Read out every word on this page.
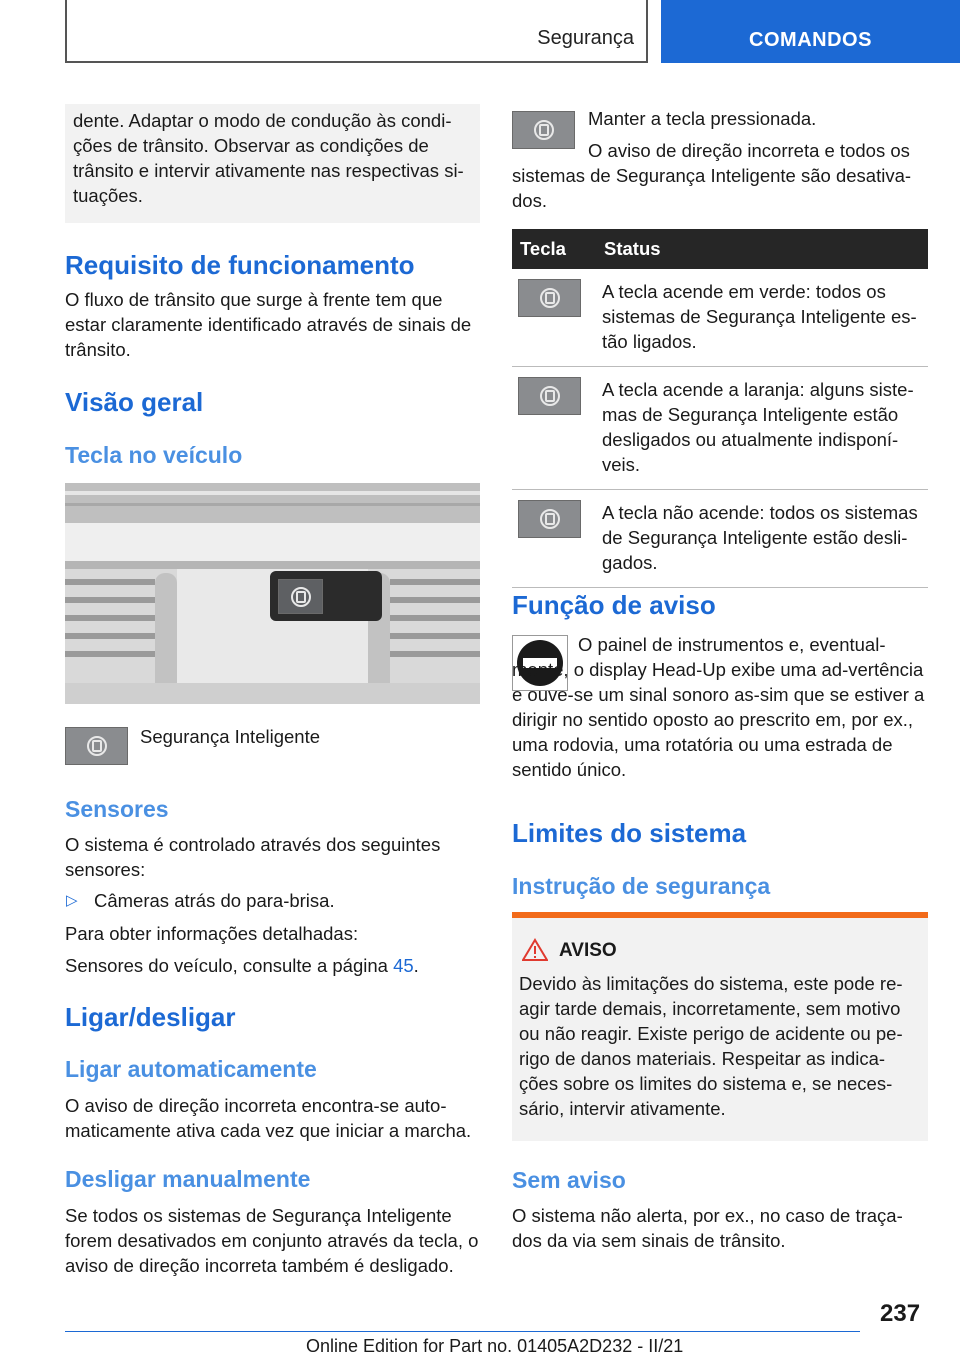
Segurança	COMANDOS

dente. Adaptar o modo de condução às condi-ções de trânsito. Observar as condições de trânsito e intervir ativamente nas respectivas si-tuações.

Requisito de funcionamento

O fluxo de trânsito que surge à frente tem que estar claramente identificado através de sinais de trânsito.

Visão geral
Tecla no veículo

Segurança Inteligente

Sensores

O sistema é controlado através dos seguintes sensores:

▷ Câmeras atrás do para-brisa.

Para obter informações detalhadas:

Sensores do veículo, consulte a página 45.

Ligar/desligar
Ligar automaticamente

O aviso de direção incorreta encontra-se auto-maticamente ativa cada vez que iniciar a marcha.

Desligar manualmente

Se todos os sistemas de Segurança Inteligente forem desativados em conjunto através da tecla, o aviso de direção incorreta também é desligado.

Manter a tecla pressionada.

O aviso de direção incorreta e todos os sistemas de Segurança Inteligente são desativa-dos.

Tecla	Status

	A tecla acende em verde: todos os sistemas de Segurança Inteligente es-tão ligados.

	A tecla acende a laranja: alguns siste-mas de Segurança Inteligente estão desligados ou atualmente indisponí-veis.

	A tecla não acende: todos os sistemas de Segurança Inteligente estão desli-gados.
Função de aviso

O painel de instrumentos e, eventual-mente, o display Head-Up exibe uma ad-vertência e ouve-se um sinal sonoro as-sim que se estiver a dirigir no sentido oposto ao prescrito em, por ex., uma rodovia, uma rotatória ou uma estrada de sentido único.

Limites do sistema
Instrução de segurança
AVISO

Devido às limitações do sistema, este pode re-agir tarde demais, incorretamente, sem motivo ou não reagir. Existe perigo de acidente ou pe-rigo de danos materiais. Respeitar as indica-ções sobre os limites do sistema e, se neces-sário, intervir ativamente.

Sem aviso

O sistema não alerta, por ex., no caso de traça-dos da via sem sinais de trânsito.

237
Online Edition for Part no. 01405A2D232 - II/21
